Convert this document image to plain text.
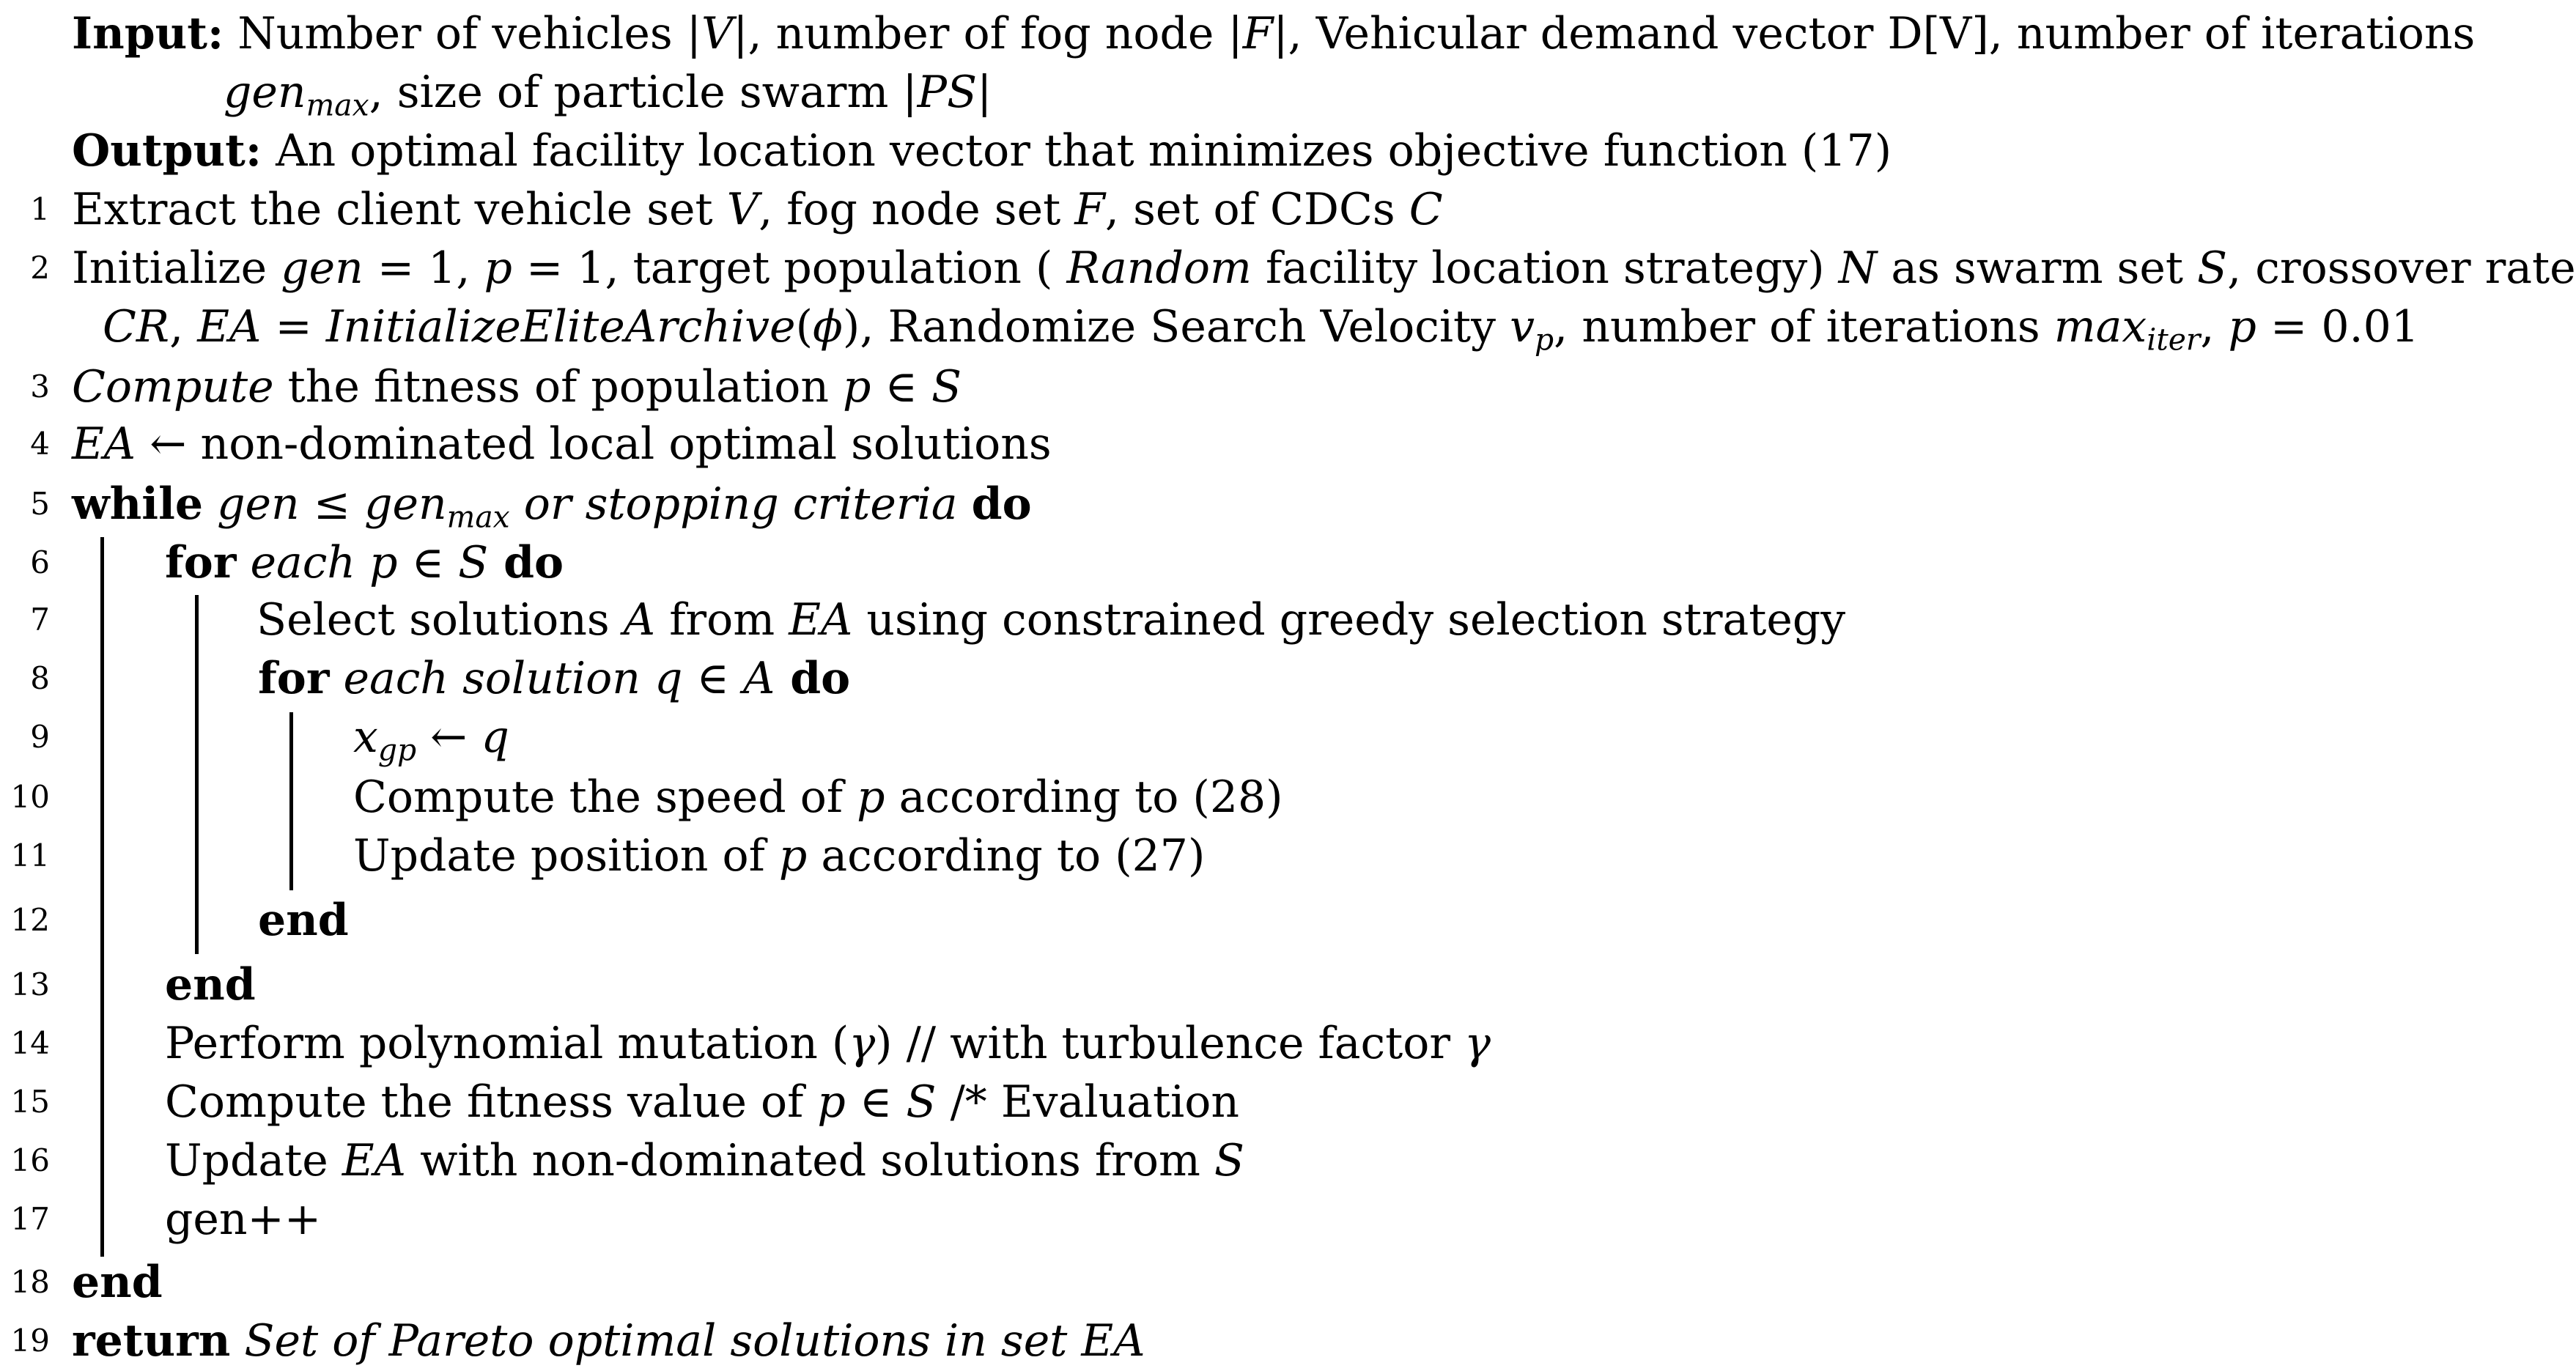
Input: Number of vehicles |V|, number of fog node |F|, Vehicular demand vector D[V], number of iterations
gen$_{max}$, size of particle swarm |PS|
Output: An optimal facility location vector that minimizes objective function (17)
1 Extract the client vehicle set V, fog node set F, set of CDCs C
2 Initialize gen = 1, p = 1, target population ( Random facility location strategy) N as swarm set S, crossover rate
CR, EA = InitializeEliteArchive(ϕ), Randomize Search Velocity $v_p$, number of iterations $\max_{iter}$, p = 0.01
3 Compute the fitness of population p ∈ S
4 EA ← non-dominated local optimal solutions
5 while gen ≤ gen$_{max}$ or stopping criteria do
6	for each p ∈ S do
7	Select solutions A from EA using constrained greedy selection strategy
8	for each solution q ∈ A do
9	$x_{gp}$ ← q
10	Compute the speed of p according to (28)
11	Update position of p according to (27)
12	end
13	end
14	Perform polynomial mutation (γ) // with turbulence factor γ
15	Compute the fitness value of p ∈ S /* Evaluation
16	Update EA with non-dominated solutions from S
17	gen++
18 end
19 return Set of Pareto optimal solutions in set EA
